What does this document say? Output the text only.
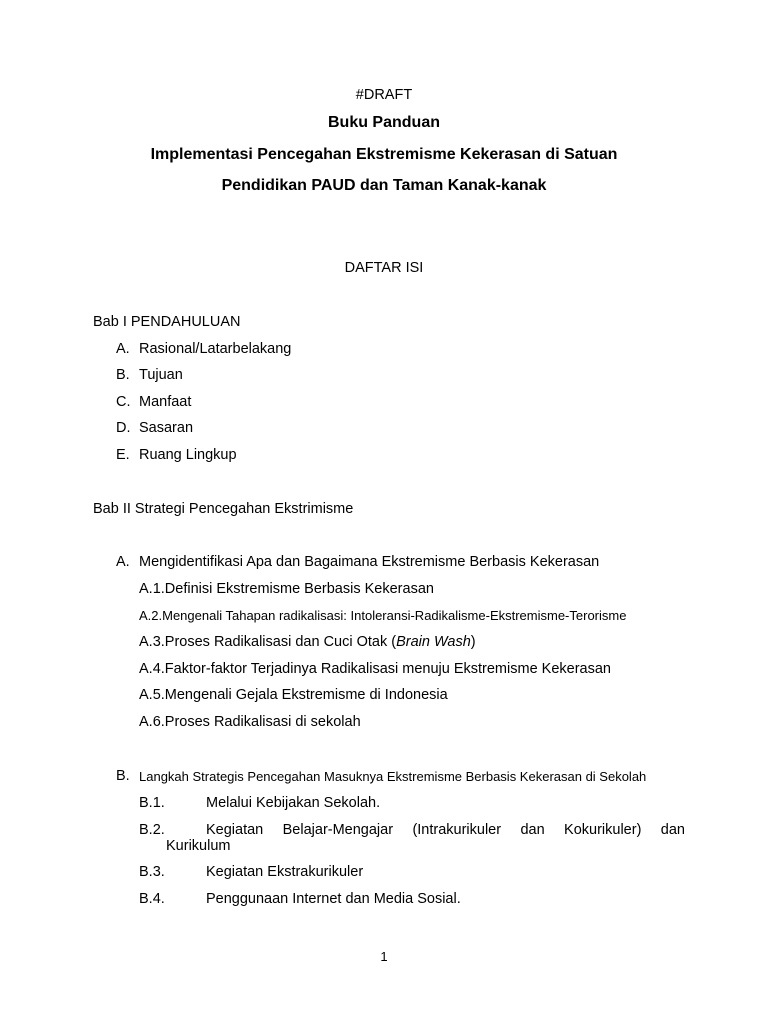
#DRAFT
Buku Panduan
Implementasi Pencegahan Ekstremisme Kekerasan di Satuan
Pendidikan PAUD dan Taman Kanak-kanak
DAFTAR ISI
Bab I PENDAHULUAN
A. Rasional/Latarbelakang
B. Tujuan
C. Manfaat
D. Sasaran
E. Ruang Lingkup
Bab II Strategi Pencegahan Ekstrimisme
A. Mengidentifikasi Apa dan Bagaimana Ekstremisme Berbasis Kekerasan
A.1.Definisi Ekstremisme Berbasis Kekerasan
A.2.Mengenali Tahapan radikalisasi: Intoleransi-Radikalisme-Ekstremisme-Terorisme
A.3.Proses Radikalisasi dan Cuci Otak (Brain Wash)
A.4.Faktor-faktor Terjadinya Radikalisasi menuju Ekstremisme Kekerasan
A.5.Mengenali Gejala Ekstremisme di Indonesia
A.6.Proses Radikalisasi di sekolah
B. Langkah Strategis Pencegahan Masuknya Ekstremisme Berbasis Kekerasan di Sekolah
B.1.	Melalui Kebijakan Sekolah.
B.2.	Kegiatan Belajar-Mengajar (Intrakurikuler dan Kokurikuler) dan
Kurikulum
B.3.	Kegiatan Ekstrakurikuler
B.4.	Penggunaan Internet dan Media Sosial.
1
